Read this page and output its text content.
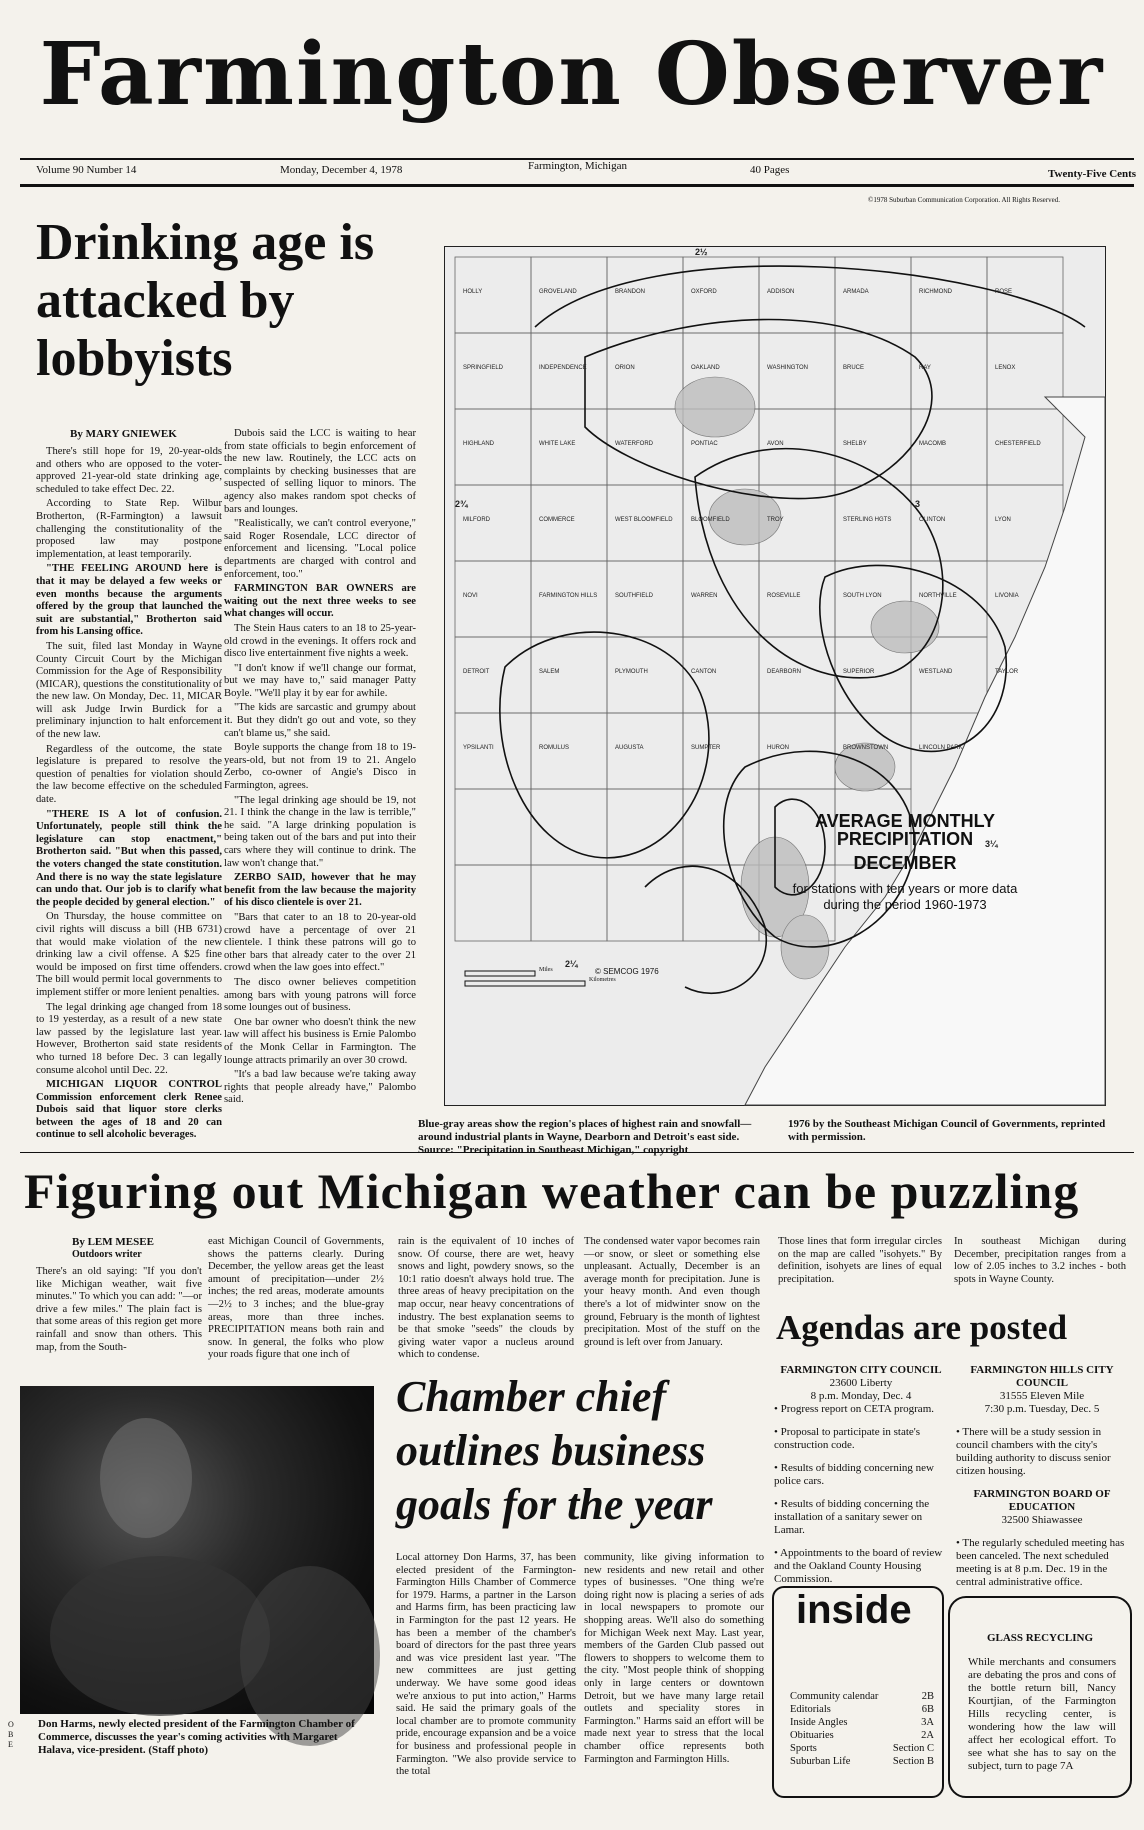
Farmington Observer
Volume 90 Number 14	Monday, December 4, 1978	Farmington, Michigan	40 Pages	Twenty-Five Cents
©1978 Suburban Communication Corporation. All Rights Reserved.
Drinking age is attacked by lobbyists
By MARY GNIEWEK

There's still hope for 19, 20-year-olds and others who are opposed to the voter-approved 21-year-old state drinking age, scheduled to take effect Dec. 22.

According to State Rep. Wilbur Brotherton, (R-Farmington) a lawsuit challenging the constitutionality of the proposed law may postpone implementation, at least temporarily.

"THE FEELING AROUND here is that it may be delayed a few weeks or even months because the arguments offered by the group that launched the suit are substantial," Brotherton said from his Lansing office.

The suit, filed last Monday in Wayne County Circuit Court by the Michigan Commission for the Age of Responsibility (MICAR), questions the constitutionality of the new law. On Monday, Dec. 11, MICAR will ask Judge Irwin Burdick for a preliminary injunction to halt enforcement of the new law.

Regardless of the outcome, the state legislature is prepared to resolve the question of penalties for violation should the law become effective on the scheduled date.

"THERE IS A lot of confusion. Unfortunately, people still think the legislature can stop enactment," Brotherton said. "But when this passed, the voters changed the state constitution. And there is no way the state legislature can undo that. Our job is to clarify what the people decided by general election."

On Thursday, the house committee on civil rights will discuss a bill (HB 6731) that would make violation of the new drinking law a civil offense. A $25 fine would be imposed on first time offenders. The bill would permit local governments to implement stiffer or more lenient penalties.

The legal drinking age changed from 18 to 19 yesterday, as a result of a new state law passed by the legislature last year. However, Brotherton said state residents who turned 18 before Dec. 3 can legally consume alcohol until Dec. 22.

MICHIGAN LIQUOR CONTROL Commission enforcement clerk Renee Dubois said that liquor store clerks between the ages of 18 and 20 can continue to sell alcoholic beverages.

Dubois said the LCC is waiting to hear from state officials to begin enforcement of the new law. Routinely, the LCC acts on complaints by checking businesses that are suspected of selling liquor to minors. The agency also makes random spot checks of bars and lounges.

"Realistically, we can't control everyone," said Roger Rosendale, LCC director of enforcement and licensing. "Local police departments are charged with control and enforcement, too."

FARMINGTON BAR OWNERS are waiting out the next three weeks to see what changes will occur.

The Stein Haus caters to an 18 to 25-year-old crowd in the evenings. It offers rock and disco live entertainment five nights a week.

"I don't know if we'll change our format, but we may have to," said manager Patty Boyle. "We'll play it by ear for awhile.

"The kids are sarcastic and grumpy about it. But they didn't go out and vote, so they can't blame us," she said.

Boyle supports the change from 18 to 19-years-old, but not from 19 to 21. Angelo Zerbo, co-owner of Angie's Disco in Farmington, agrees.

"The legal drinking age should be 19, not 21. I think the change in the law is terrible," he said. "A large drinking population is being taken out of the bars and put into their cars where they will continue to drink. The law won't change that."

ZERBO SAID, however that he may benefit from the law because the majority of his disco clientele is over 21.

"Bars that cater to an 18 to 20-year-old crowd have a percentage of over 21 clientele. I think these patrons will go to other bars that already cater to the over 21 crowd when the law goes into effect."

The disco owner believes competition among bars with young patrons will force some lounges out of business.

One bar owner who doesn't think the new law will affect his business is Ernie Palombo of the Monk Cellar in Farmington. The lounge attracts primarily an over 30 crowd.

"It's a bad law because we're taking away rights that people already have," Palombo said.

HOLLY	GROVELAND	BRANDON	OXFORD	ADDISON	ARMADA	RICHMOND	ROSE
SPRINGFIELD	INDEPENDENCE	ORION	OAKLAND	WASHINGTON	BRUCE	RAY	LENOX
HIGHLAND	WHITE LAKE	WATERFORD	PONTIAC	AVON	SHELBY	MACOMB	CHESTERFIELD
MILFORD	COMMERCE	WEST BLOOMFIELD	BLOOMFIELD	TROY	STERLING HGTS	CLINTON	LYON
NOVI	FARMINGTON HILLS	SOUTHFIELD	WARREN	ROSEVILLE	SOUTH LYON	NORTHVILLE	LIVONIA
DETROIT	SALEM	PLYMOUTH	CANTON	DEARBORN	SUPERIOR	WESTLAND	TAYLOR
YPSILANTI	ROMULUS	AUGUSTA	SUMPTER	HURON	BROWNSTOWN	LINCOLN PARK
2½
2¾	3
2¼
3¼
AVERAGE MONTHLY
PRECIPITATION
DECEMBER
for stations with ten years or more data
during the period 1960-1973
© SEMCOG 1976
Miles
Kilometres
Blue-gray areas show the region's places of highest rain and snowfall—around industrial plants in Wayne, Dearborn and Detroit's east side. Source: "Precipitation in Southeast Michigan," copyright
1976 by the Southeast Michigan Council of Governments, reprinted with permission.
Figuring out Michigan weather can be puzzling
By LEM MESEE
Outdoors writer
There's an old saying: "If you don't like Michigan weather, wait five minutes." To which you can add: "—or drive a few miles." The plain fact is that some areas of this region get more rainfall and snow than others. This map, from the South-
east Michigan Council of Governments, shows the patterns clearly. During December, the yellow areas get the least amount of precipitation—under 2½ inches; the red areas, moderate amounts—2½ to 3 inches; and the blue-gray areas, more than three inches. PRECIPITATION means both rain and snow. In general, the folks who plow your roads figure that one inch of
rain is the equivalent of 10 inches of snow. Of course, there are wet, heavy snows and light, powdery snows, so the 10:1 ratio doesn't always hold true. The three areas of heavy precipitation on the map occur, near heavy concentrations of industry. The best explanation seems to be that smoke "seeds" the clouds by giving water vapor a nucleus around which to condense.
The condensed water vapor becomes rain—or snow, or sleet or something else unpleasant. Actually, December is an average month for precipitation. June is your heavy month. And even though there's a lot of midwinter snow on the ground, February is the month of lightest precipitation. Most of the stuff on the ground is left over from January.
Those lines that form irregular circles on the map are called "isohyets." By definition, isohyets are lines of equal precipitation.
In southeast Michigan during December, precipitation ranges from a low of 2.05 inches to 3.2 inches - both spots in Wayne County.
Don Harms, newly elected president of the Farmington Chamber of Commerce, discusses the year's coming activities with Margaret Halava, vice-president. (Staff photo)
OBE
Chamber chief outlines business goals for the year
Local attorney Don Harms, 37, has been elected president of the Farmington-Farmington Hills Chamber of Commerce for 1979. Harms, a partner in the Larson and Harms firm, has been practicing law in Farmington for the past 12 years. He has been a member of the chamber's board of directors for the past three years and was vice president last year. "The new committees are just getting underway. We have some good ideas we're anxious to put into action," Harms said. He said the primary goals of the local chamber are to promote community pride, encourage expansion and be a voice for business and professional people in Farmington. "We also provide service to the total
community, like giving information to new residents and new retail and other types of businesses. "One thing we're doing right now is placing a series of ads in local newspapers to promote our shopping areas. We'll also do something for Michigan Week next May. Last year, members of the Garden Club passed out flowers to shoppers to welcome them to the city. "Most people think of shopping only in large centers or downtown Detroit, but we have many large retail outlets and speciality stores in Farmington." Harms said an effort will be made next year to stress that the local chamber office represents both Farmington and Farmington Hills.
Agendas are posted
FARMINGTON CITY COUNCIL
23600 Liberty
8 p.m. Monday, Dec. 4

• Progress report on CETA program.

• Proposal to participate in state's construction code.

• Results of bidding concerning new police cars.

• Results of bidding concerning the installation of a sanitary sewer on Lamar.

• Appointments to the board of review and the Oakland County Housing Commission.

FARMINGTON HILLS CITY COUNCIL
31555 Eleven Mile
7:30 p.m. Tuesday, Dec. 5

• There will be a study session in council chambers with the city's building authority to discuss senior citizen housing.

FARMINGTON BOARD OF EDUCATION
32500 Shiawassee

• The regularly scheduled meeting has been canceled. The next scheduled meeting is at 8 p.m. Dec. 19 in the central administrative office.

inside
Community calendar	2B
Editorials	6B
Inside Angles	3A
Obituaries	2A
Sports	Section C
Suburban Life	Section B
GLASS RECYCLING
While merchants and consumers are debating the pros and cons of the bottle return bill, Nancy Kourtjian, of the Farmington Hills recycling center, is wondering how the law will affect her ecological effort. To see what she has to say on the subject, turn to page 7A
